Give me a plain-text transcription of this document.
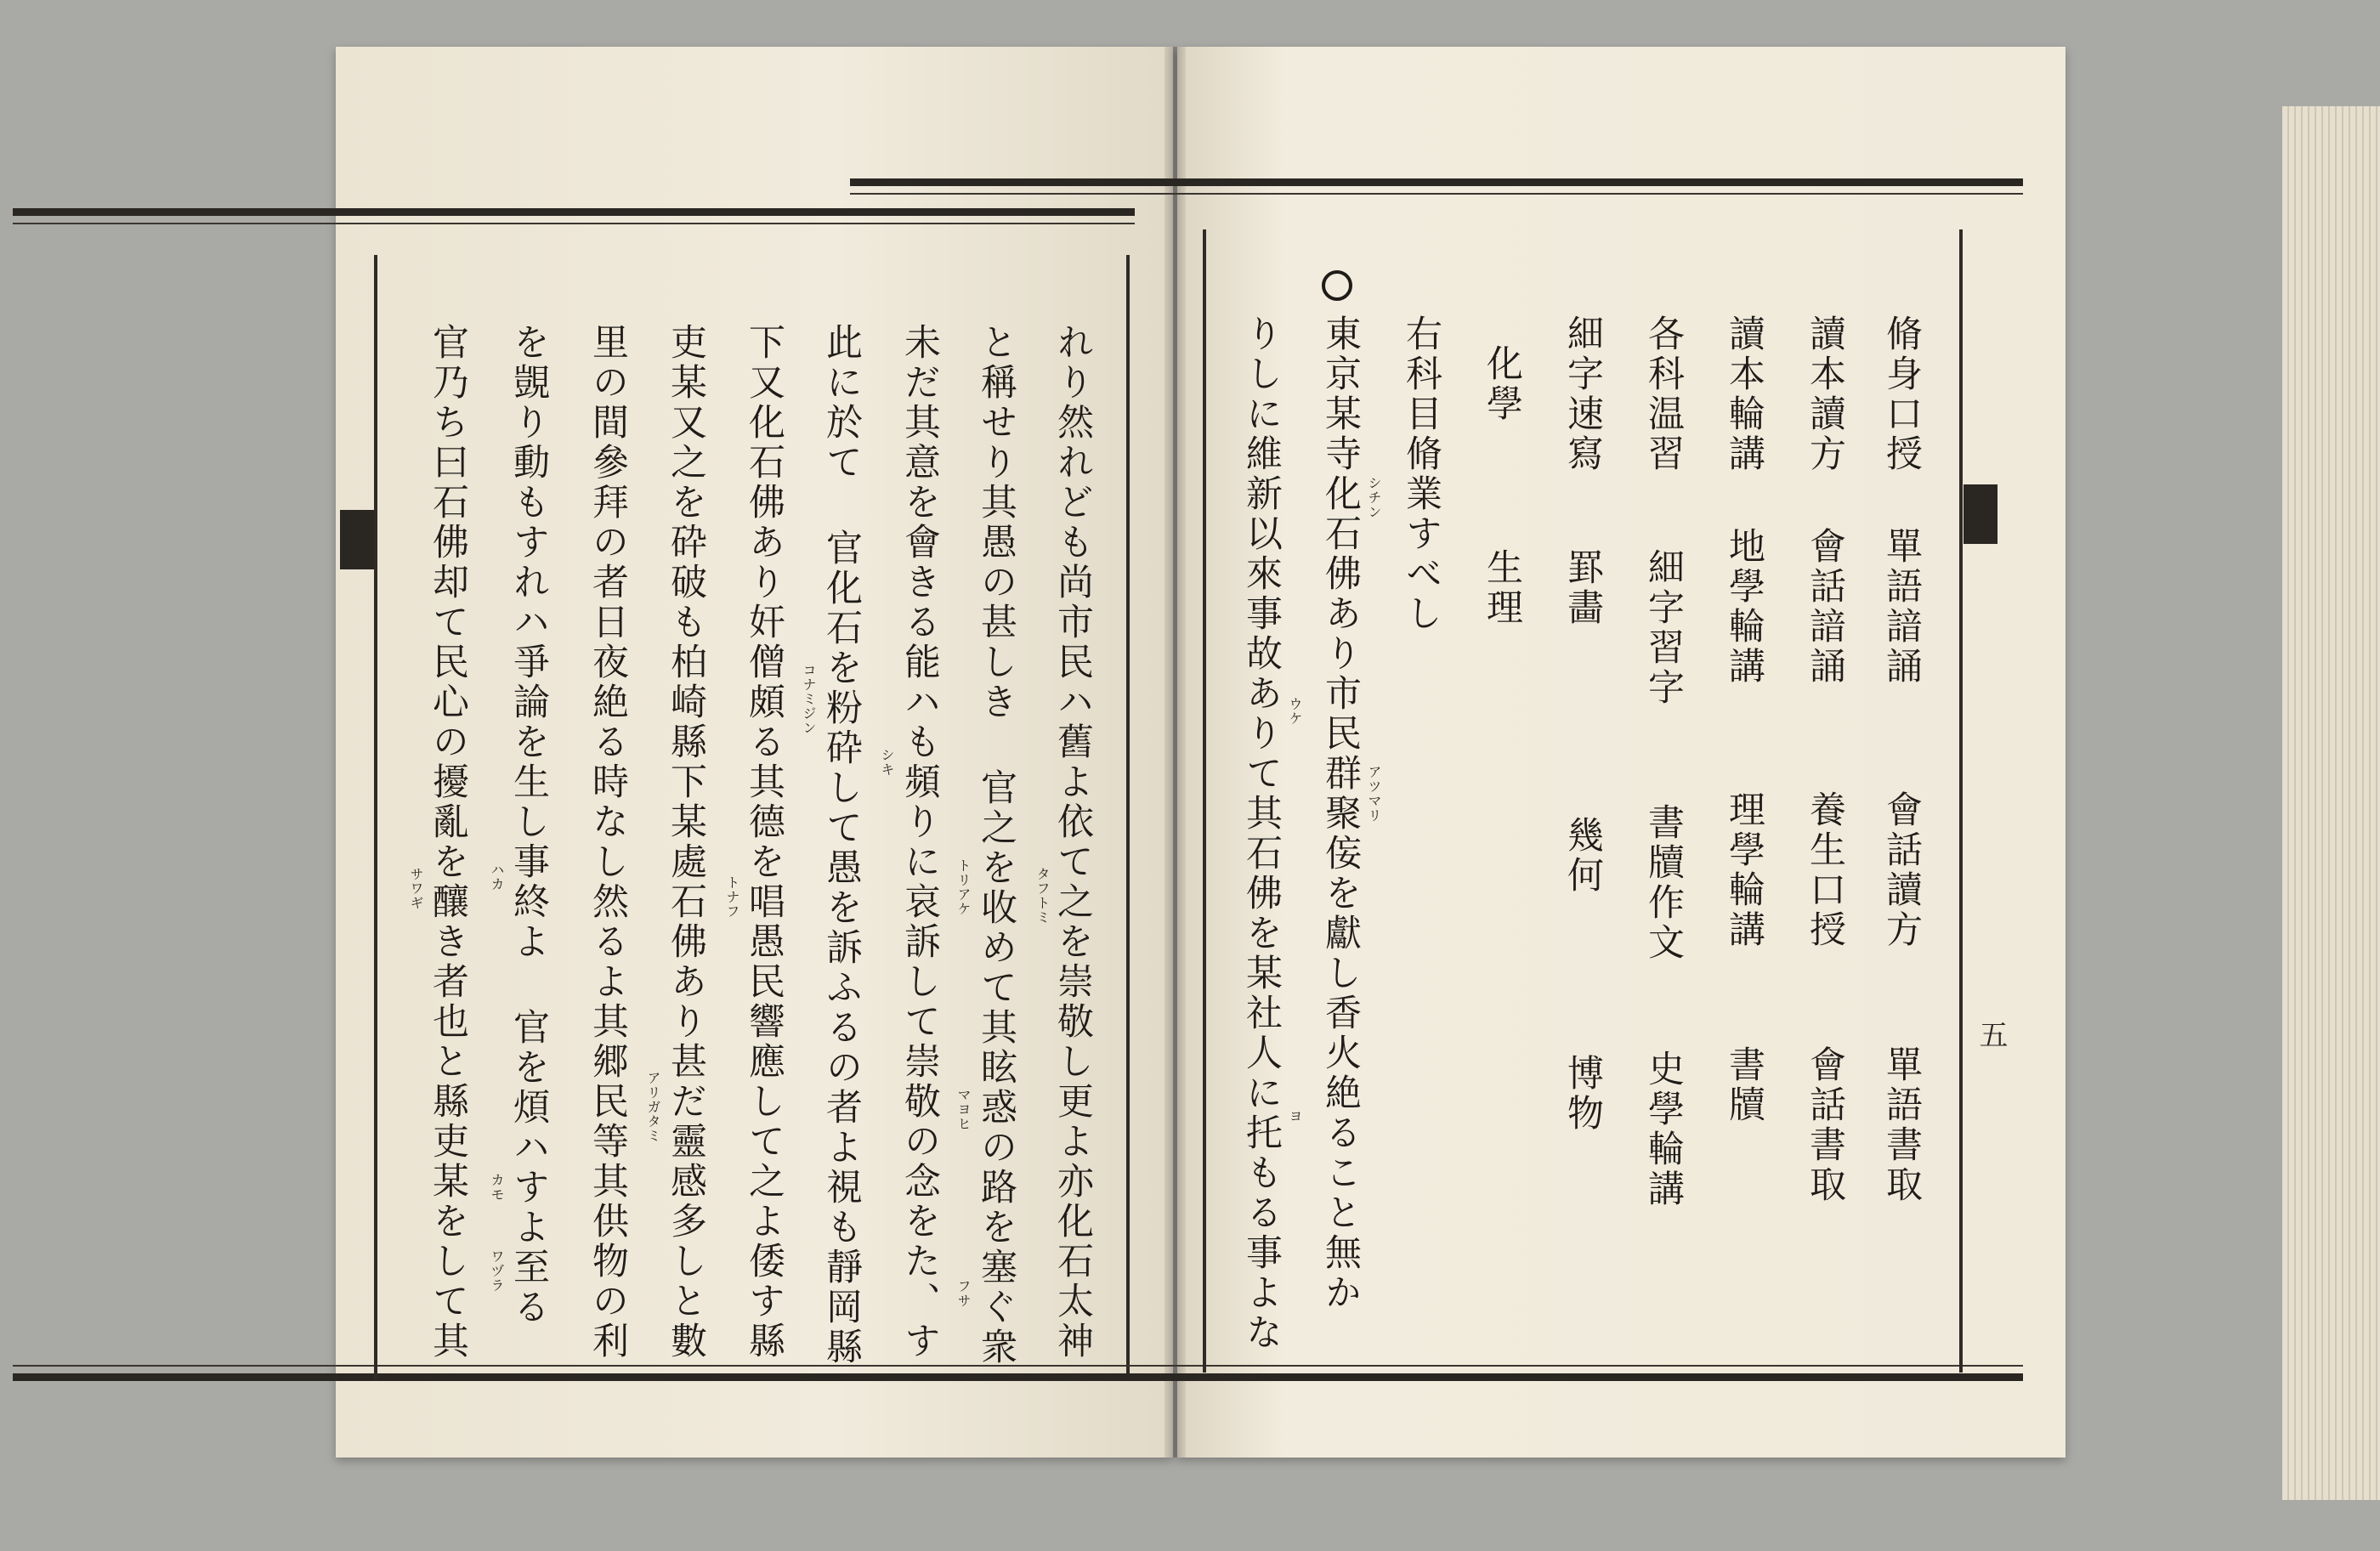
五
れり然れども尚市民ハ舊よ依て之を崇敬し更よ亦化石太神
と稱せり其愚の甚しき 官之を收めて其眩惑の路を塞ぐ衆
未だ其意を會きる能ハも頻りに哀訴して崇敬の念をた、す
此に於て 官化石を粉砕して愚を訴ふるの者よ視も靜岡縣
下又化石佛あり奸僧頗る其德を唱愚民響應して之よ倭す縣
吏某又之を砕破も柏崎縣下某處石佛あり甚だ靈感多しと數
里の間參拜の者日夜絶る時なし然るよ其郷民等其供物の利
を覬り動もすれハ爭論を生し事終よ 官を煩ハすよ至る
官乃ち曰石佛却て民心の擾亂を釀き者也と縣吏某をして其	タフトミ
トリアケ
マヨヒ
フサ
シキ
コナミジン
トナフ
アリガタミ
ハカ
サワギ
カモ
ワヅラ
脩身口授
單語諳誦
會話讀方
單語書取
讀本讀方
會話諳誦
養生口授
會話書取
讀本輪講
地學輪講
理學輪講
書牘
各科温習
細字習字
書牘作文
史學輪講
細字速寫
罫畵
幾何
博物
化學
生理
右科目脩業すべし
東京某寺化石佛あり市民群聚侫を獻し香火絶ること無か
りしに維新以來事故ありて其石佛を某社人に托もる事よな	シチン
アツマリ
ウケ
ヨ
